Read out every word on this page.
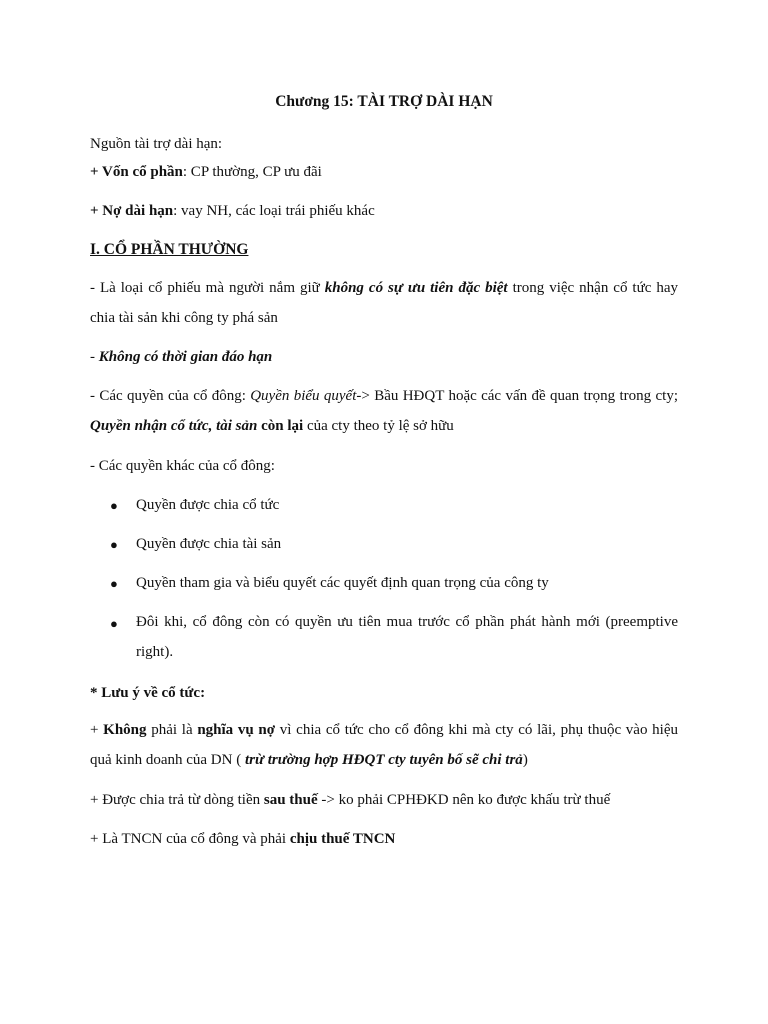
Chương 15: TÀI TRỢ DÀI HẠN
Nguồn tài trợ dài hạn:
+ Vốn cổ phần: CP thường, CP ưu đãi
+ Nợ dài hạn: vay NH, các loại trái phiếu khác
I. CỔ PHẦN THƯỜNG
- Là loại cổ phiếu mà người nắm giữ không có sự ưu tiên đặc biệt trong việc nhận cổ tức hay chia tài sản khi công ty phá sản
- Không có thời gian đáo hạn
- Các quyền của cổ đông: Quyền biểu quyết-> Bầu HĐQT hoặc các vấn đề quan trọng trong cty; Quyền nhận cổ tức, tài sản còn lại của cty theo tỷ lệ sở hữu
- Các quyền khác của cổ đông:
● Quyền được chia cổ tức
● Quyền được chia tài sản
● Quyền tham gia và biểu quyết các quyết định quan trọng của công ty
● Đôi khi, cổ đông còn có quyền ưu tiên mua trước cổ phần phát hành mới (preemptive right).
* Lưu ý về cổ tức:
+ Không phải là nghĩa vụ nợ vì chia cổ tức cho cổ đông khi mà cty có lãi, phụ thuộc vào hiệu quả kinh doanh của DN ( trừ trường hợp HĐQT cty tuyên bố sẽ chi trả)
+ Được chia trả từ dòng tiền sau thuế -> ko phải CPHĐKD nên ko được khấu trừ thuế
+ Là TNCN của cổ đông và phải chịu thuế TNCN
